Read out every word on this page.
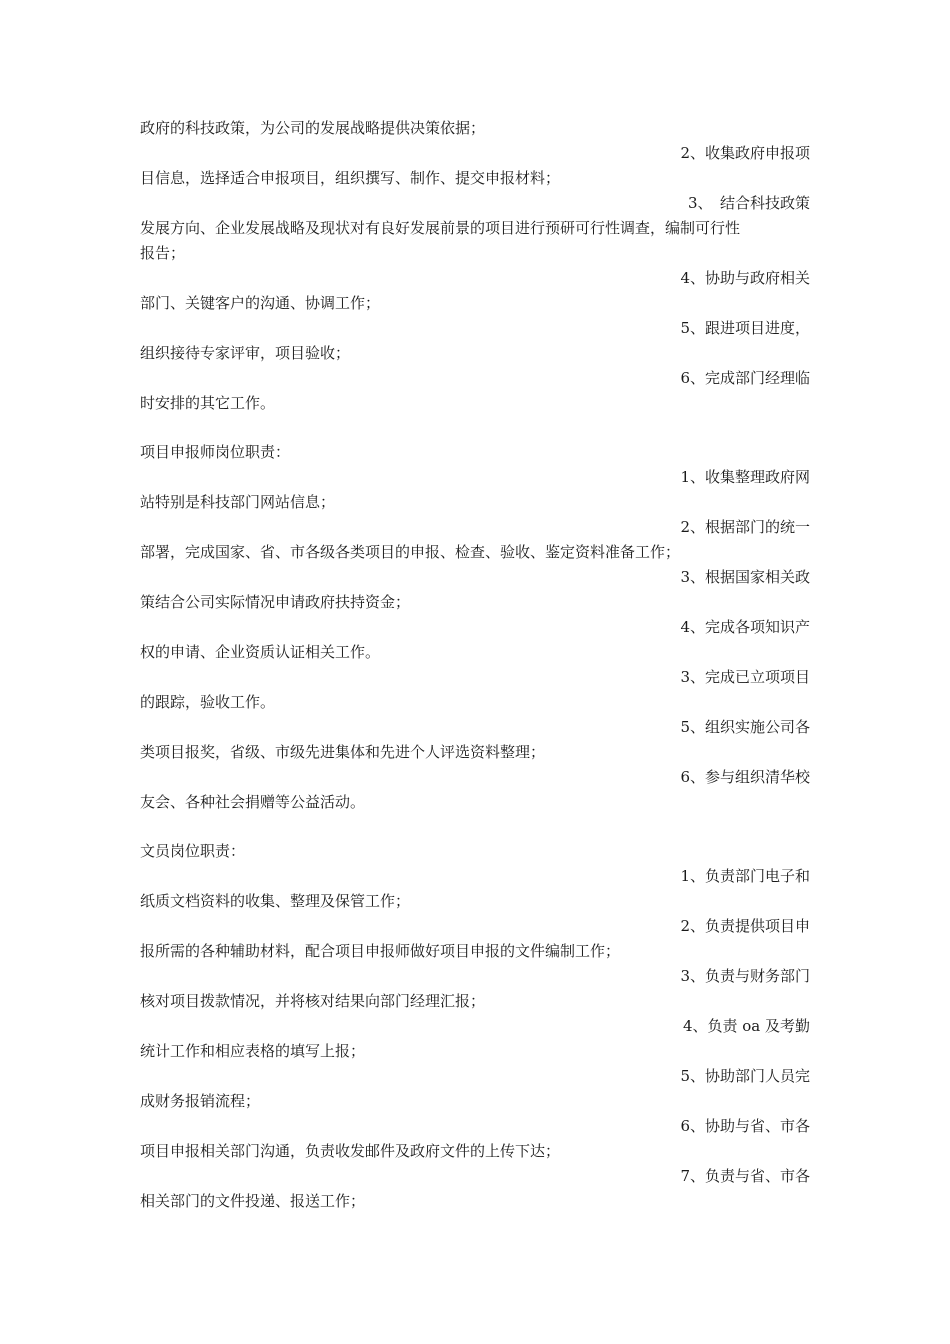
政府的科技政策，为公司的发展战略提供决策依据；
2、收集政府申报项
目信息，选择适合申报项目，组织撰写、制作、提交申报材料；
3、　结合科技政策
发展方向、企业发展战略及现状对有良好发展前景的项目进行预研可行性调查，编制可行性
报告；
4、协助与政府相关
部门、关键客户的沟通、协调工作；
5、跟进项目进度，
组织接待专家评审，项目验收；
6、完成部门经理临
时安排的其它工作。
项目申报师岗位职责：
1、收集整理政府网
站特别是科技部门网站信息；
2、根据部门的统一
部署，完成国家、省、市各级各类项目的申报、检查、验收、鉴定资料准备工作；
3、根据国家相关政
策结合公司实际情况申请政府扶持资金；
4、完成各项知识产
权的申请、企业资质认证相关工作。
3、完成已立项项目
的跟踪，验收工作。
5、组织实施公司各
类项目报奖，省级、市级先进集体和先进个人评选资料整理；
6、参与组织清华校
友会、各种社会捐赠等公益活动。
文员岗位职责：
1、负责部门电子和
纸质文档资料的收集、整理及保管工作；
2、负责提供项目申
报所需的各种辅助材料，配合项目申报师做好项目申报的文件编制工作；
3、负责与财务部门
核对项目拨款情况，并将核对结果向部门经理汇报；
4、负责 oa 及考勤
统计工作和相应表格的填写上报；
5、协助部门人员完
成财务报销流程；
6、协助与省、市各
项目申报相关部门沟通，负责收发邮件及政府文件的上传下达；
7、负责与省、市各
相关部门的文件投递、报送工作；
